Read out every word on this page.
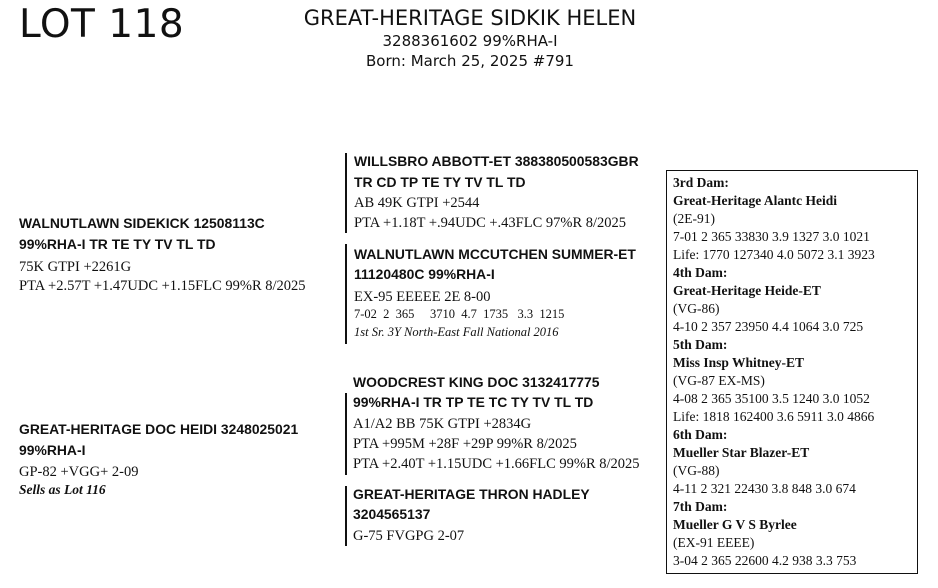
LOT 118	GREAT-HERITAGE SIDKIK HELEN
3288361602 99%RHA-I
Born: March 25, 2025 #791
WALNUTLAWN SIDEKICK 12508113C
99%RHA-I TR TE TY TV TL TD
75K GTPI +2261G
PTA +2.57T +1.47UDC +1.15FLC 99%R 8/2025
WILLSBRO ABBOTT-ET 388380500583GBR
TR CD TP TE TY TV TL TD
AB 49K GTPI +2544
PTA +1.18T +.94UDC +.43FLC 97%R 8/2025
WALNUTLAWN MCCUTCHEN SUMMER-ET
11120480C 99%RHA-I
EX-95 EEEEE 2E 8-00
7-02  2  365     3710  4.7  1735   3.3  1215
1st Sr. 3Y North-East Fall National 2016
GREAT-HERITAGE DOC HEIDI 3248025021
99%RHA-I
GP-82 +VGG+ 2-09
Sells as Lot 116
WOODCREST KING DOC 3132417775
99%RHA-I TR TP TE TC TY TV TL TD
A1/A2 BB 75K GTPI +2834G
PTA +995M +28F +29P 99%R 8/2025
PTA +2.40T +1.15UDC +1.66FLC 99%R 8/2025
GREAT-HERITAGE THRON HADLEY
3204565137
G-75 FVGPG 2-07
3rd Dam:
Great-Heritage Alantc Heidi
(2E-91)
7-01 2 365 33830 3.9 1327 3.0 1021
Life: 1770 127340 4.0 5072 3.1 3923
4th Dam:
Great-Heritage Heide-ET
(VG-86)
4-10 2 357 23950 4.4 1064 3.0 725
5th Dam:
Miss Insp Whitney-ET
(VG-87 EX-MS)
4-08 2 365 35100 3.5 1240 3.0 1052
Life: 1818 162400 3.6 5911 3.0 4866
6th Dam:
Mueller Star Blazer-ET
(VG-88)
4-11 2 321 22430 3.8 848 3.0 674
7th Dam:
Mueller G V S Byrlee
(EX-91 EEEE)
3-04 2 365 22600 4.2 938 3.3 753
